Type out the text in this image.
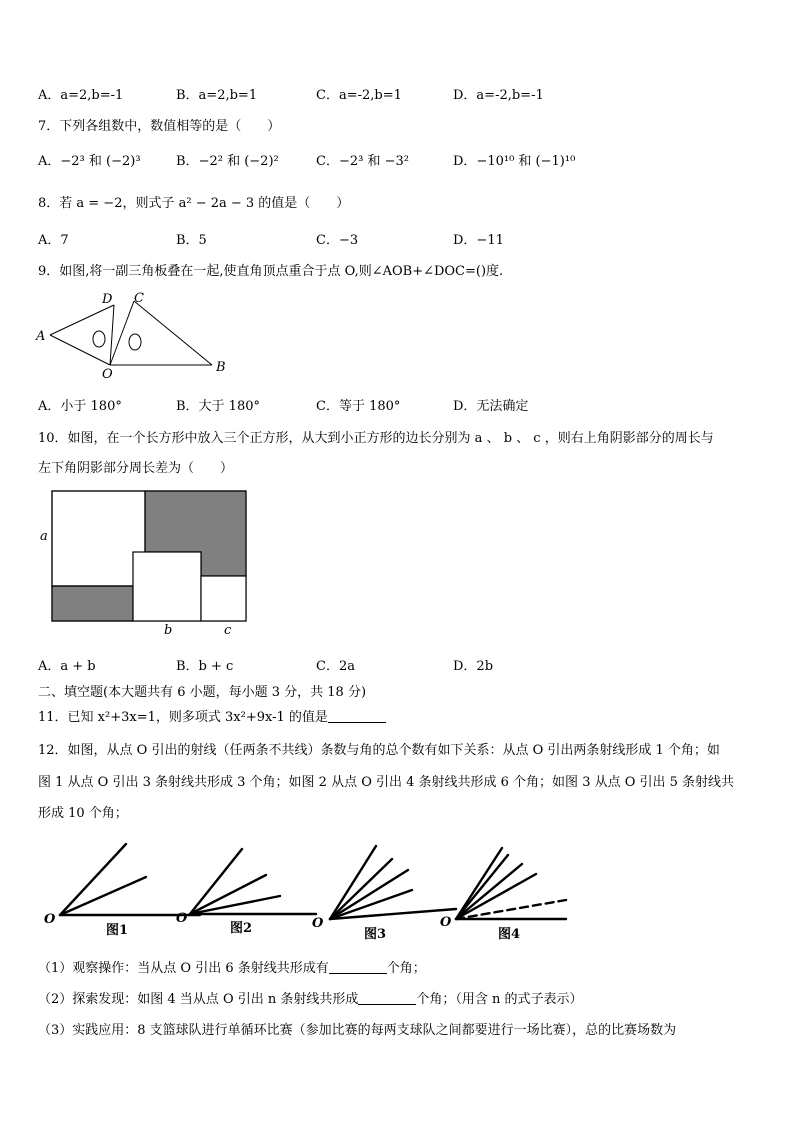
A．a=2,b=-1	B．a=2,b=1	C．a=-2,b=1	D．a=-2,b=-1
7．下列各组数中，数值相等的是（　　）
A．−2³ 和 (−2)³	B．−2² 和 (−2)²	C．−2³ 和 −3²	D．−10¹⁰ 和 (−1)¹⁰
8．若 a = −2，则式子 a² − 2a − 3 的值是（　　）
A．7	B．5	C．−3	D．−11
9．如图,将一副三角板叠在一起,使直角顶点重合于点 O,则∠AOB+∠DOC=()度.
A
D C
B
O
A．小于 180°	B．大于 180°	C．等于 180°	D．无法确定
10．如图，在一个长方形中放入三个正方形，从大到小正方形的边长分别为 a 、 b 、 c ，则右上角阴影部分的周长与
左下角阴影部分周长差为（　　）
a
b	c
A．a + b	B．b + c	C．2a	D．2b
二、填空题(本大题共有 6 小题，每小题 3 分，共 18 分)
11．已知 x²+3x=1，则多项式 3x²+9x-1 的值是
12．如图，从点 O 引出的射线（任两条不共线）条数与角的总个数有如下关系：从点 O 引出两条射线形成 1 个角；如
图 1 从点 O 引出 3 条射线共形成 3 个角；如图 2 从点 O 引出 4 条射线共形成 6 个角；如图 3 从点 O 引出 5 条射线共
形成 10 个角；
O	O	O	O
图1	图2	图3	图4
（1）观察操作：当从点 O 引出 6 条射线共形成有	个角；
（2）探索发现：如图 4 当从点 O 引出 n 条射线共形成	个角；（用含 n 的式子表示）
（3）实践应用：8 支篮球队进行单循环比赛（参加比赛的每两支球队之间都要进行一场比赛），总的比赛场数为
